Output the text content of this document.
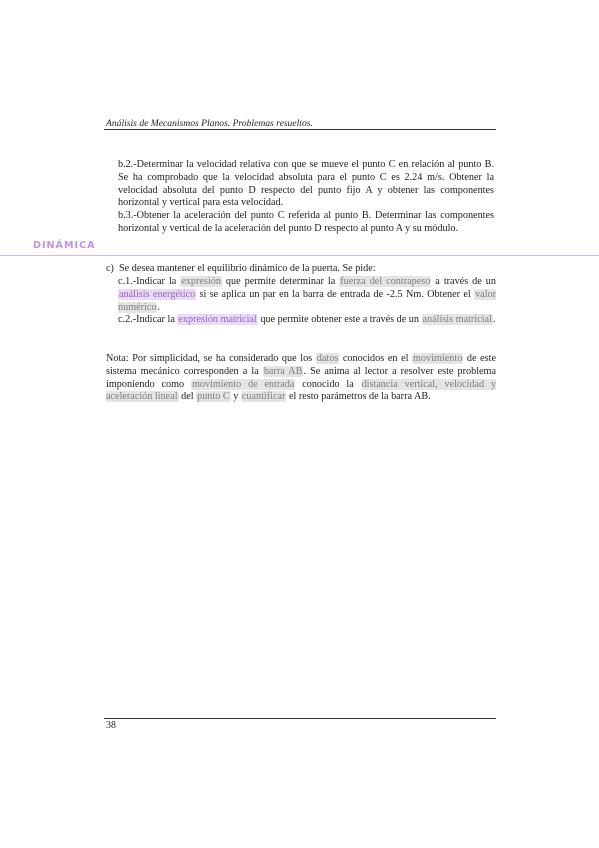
Análisis de Mecanismos Planos. Problemas resueltos.
b.2.-Determinar la velocidad relativa con que se mueve el punto C en relación al punto B. Se ha comprobado que la velocidad absoluta para el punto C es 2.24 m/s. Obtener la velocidad absoluta del punto D respecto del punto fijo A y obtener las componentes horizontal y vertical para esta velocidad.
b.3.-Obtener la aceleración del punto C referida al punto B. Determinar las componentes horizontal y vertical de la aceleración del punto D respecto al punto A y su módulo.
DINÁMICA
c) Se desea mantener el equilibrio dinámico de la puerta. Se pide:
c.1.-Indicar la expresión que permite determinar la fuerza del contrapeso a través de un análisis energético si se aplica un par en la barra de entrada de -2.5 Nm. Obtener el valor numérico.
c.2.-Indicar la expresión matricial que permite obtener este a través de un análisis matricial.
Nota: Por simplicidad, se ha considerado que los datos conocidos en el movimiento de este sistema mecánico corresponden a la barra AB. Se anima al lector a resolver este problema imponiendo como movimiento de entrada conocido la distancia vertical, velocidad y aceleración lineal del punto C y cuantificar el resto parámetros de la barra AB.
38
